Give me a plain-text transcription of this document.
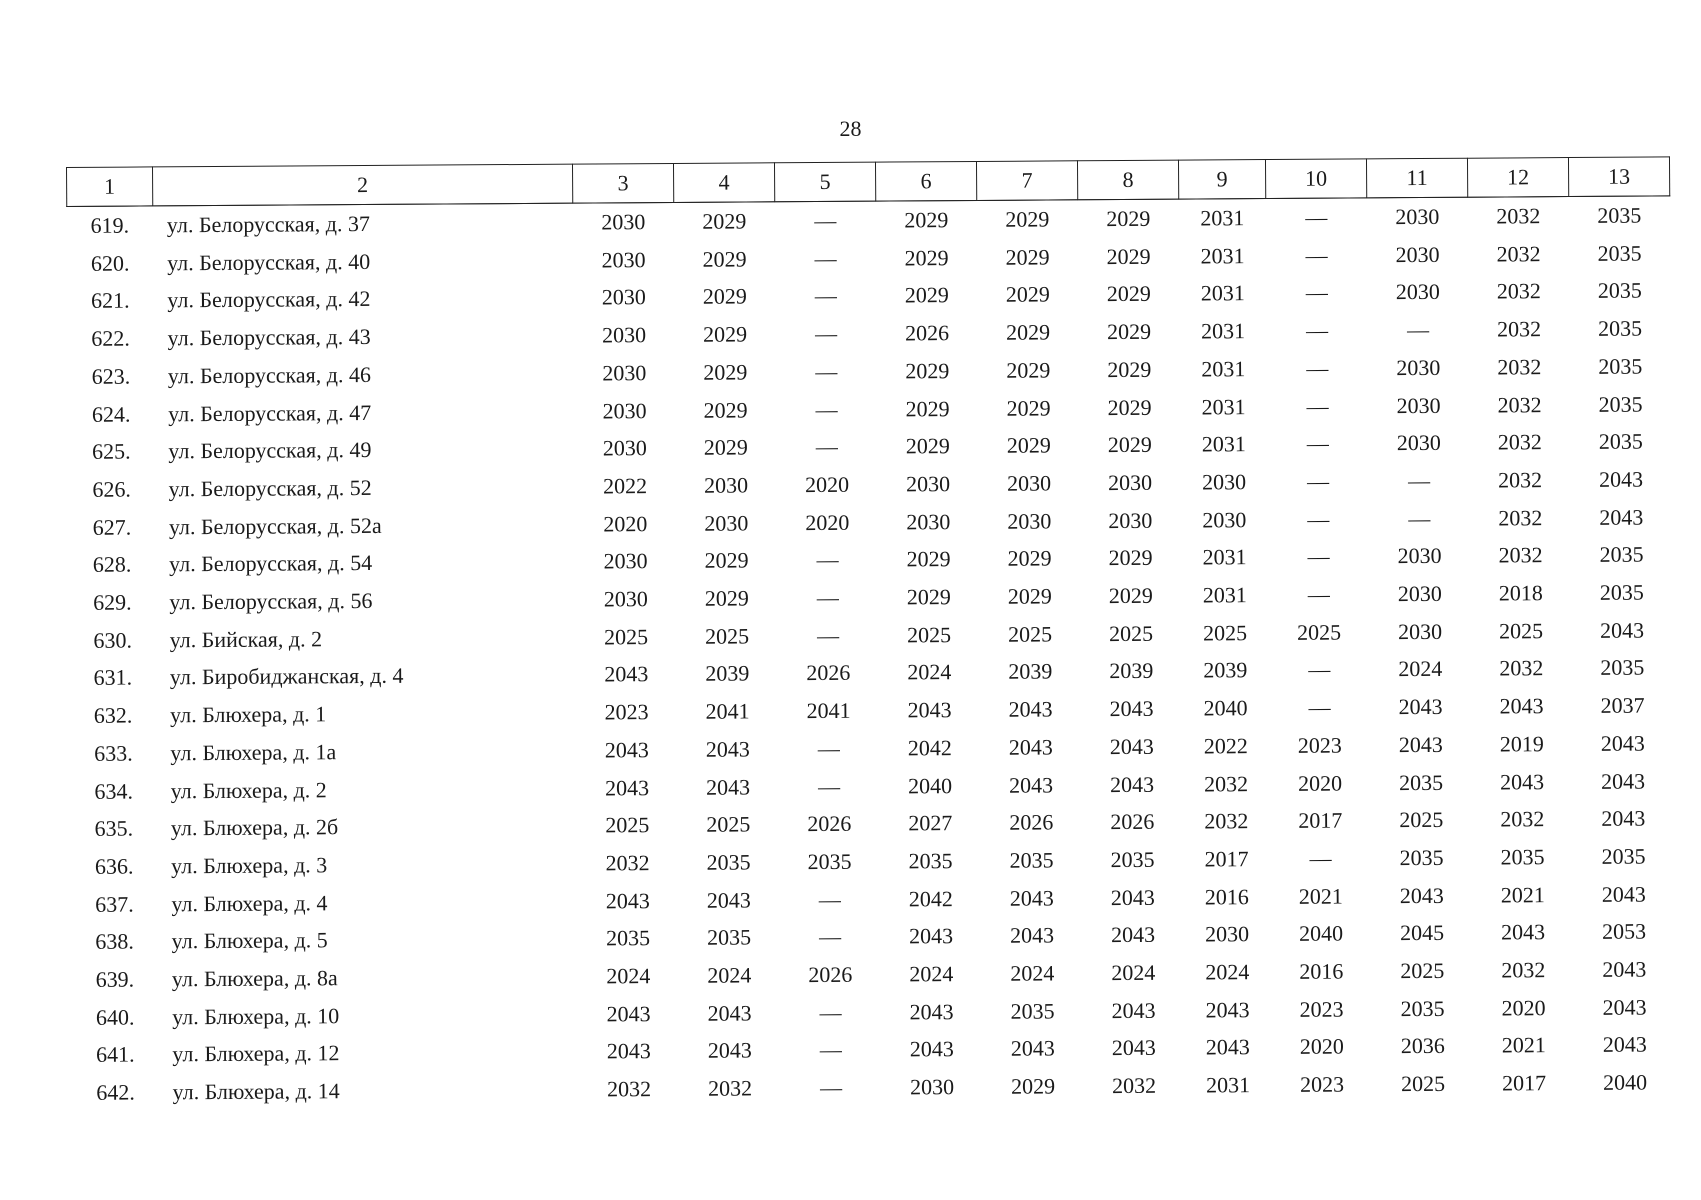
28
1	2	3	4	5	6	7	8	9	10	11	12	13
619.	ул. Белорусская, д. 37	2030	2029	—	2029	2029	2029	2031	—	2030	2032	2035
620.	ул. Белорусская, д. 40	2030	2029	—	2029	2029	2029	2031	—	2030	2032	2035
621.	ул. Белорусская, д. 42	2030	2029	—	2029	2029	2029	2031	—	2030	2032	2035
622.	ул. Белорусская, д. 43	2030	2029	—	2026	2029	2029	2031	—	—	2032	2035
623.	ул. Белорусская, д. 46	2030	2029	—	2029	2029	2029	2031	—	2030	2032	2035
624.	ул. Белорусская, д. 47	2030	2029	—	2029	2029	2029	2031	—	2030	2032	2035
625.	ул. Белорусская, д. 49	2030	2029	—	2029	2029	2029	2031	—	2030	2032	2035
626.	ул. Белорусская, д. 52	2022	2030	2020	2030	2030	2030	2030	—	—	2032	2043
627.	ул. Белорусская, д. 52а	2020	2030	2020	2030	2030	2030	2030	—	—	2032	2043
628.	ул. Белорусская, д. 54	2030	2029	—	2029	2029	2029	2031	—	2030	2032	2035
629.	ул. Белорусская, д. 56	2030	2029	—	2029	2029	2029	2031	—	2030	2018	2035
630.	ул. Бийская, д. 2	2025	2025	—	2025	2025	2025	2025	2025	2030	2025	2043
631.	ул. Биробиджанская, д. 4	2043	2039	2026	2024	2039	2039	2039	—	2024	2032	2035
632.	ул. Блюхера, д. 1	2023	2041	2041	2043	2043	2043	2040	—	2043	2043	2037
633.	ул. Блюхера, д. 1а	2043	2043	—	2042	2043	2043	2022	2023	2043	2019	2043
634.	ул. Блюхера, д. 2	2043	2043	—	2040	2043	2043	2032	2020	2035	2043	2043
635.	ул. Блюхера, д. 2б	2025	2025	2026	2027	2026	2026	2032	2017	2025	2032	2043
636.	ул. Блюхера, д. 3	2032	2035	2035	2035	2035	2035	2017	—	2035	2035	2035
637.	ул. Блюхера, д. 4	2043	2043	—	2042	2043	2043	2016	2021	2043	2021	2043
638.	ул. Блюхера, д. 5	2035	2035	—	2043	2043	2043	2030	2040	2045	2043	2053
639.	ул. Блюхера, д. 8а	2024	2024	2026	2024	2024	2024	2024	2016	2025	2032	2043
640.	ул. Блюхера, д. 10	2043	2043	—	2043	2035	2043	2043	2023	2035	2020	2043
641.	ул. Блюхера, д. 12	2043	2043	—	2043	2043	2043	2043	2020	2036	2021	2043
642.	ул. Блюхера, д. 14	2032	2032	—	2030	2029	2032	2031	2023	2025	2017	2040
